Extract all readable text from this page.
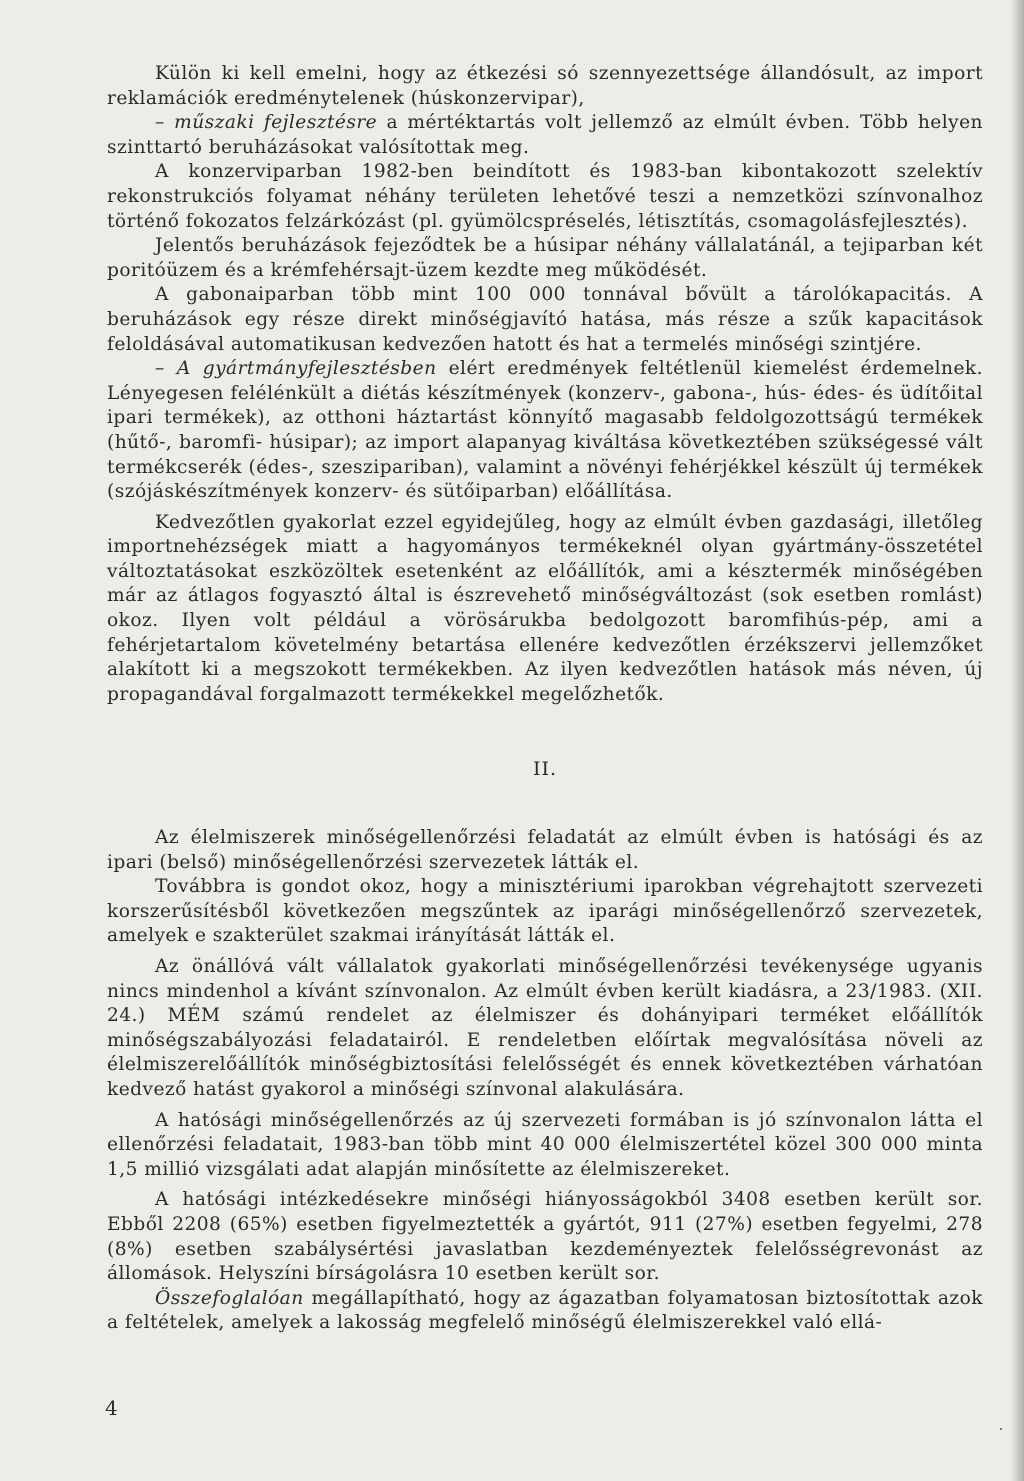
Külön ki kell emelni, hogy az étkezési só szennyezettsége állandósult, az import reklamációk eredménytelenek (húskonzervipar),

– műszaki fejlesztésre a mértéktartás volt jellemző az elmúlt évben. Több helyen szinttartó beruházásokat valósítottak meg.

A konzerviparban 1982-ben beindított és 1983-ban kibontakozott szelektív rekonstrukciós folyamat néhány területen lehetővé teszi a nemzetközi színvonalhoz történő fokozatos felzárkózást (pl. gyümölcspréselés, létisztítás, csomagolásfejlesztés).

Jelentős beruházások fejeződtek be a húsipar néhány vállalatánál, a tejiparban két poritóüzem és a krémfehérsajt-üzem kezdte meg működését.

A gabonaiparban több mint 100 000 tonnával bővült a tárolókapacitás. A beruházások egy része direkt minőségjavító hatása, más része a szűk kapacitások feloldásával automatikusan kedvezően hatott és hat a termelés minőségi szintjére.

– A gyártmányfejlesztésben elért eredmények feltétlenül kiemelést érdemelnek. Lényegesen felélénkült a diétás készítmények (konzerv-, gabona-, hús- édes- és üdítőital ipari termékek), az otthoni háztartást könnyítő magasabb feldolgozottságú termékek (hűtő-, baromfi- húsipar); az import alapanyag kiváltása következtében szükségessé vált termékcserék (édes-, szeszipariban), valamint a növényi fehérjékkel készült új termékek (szójáskészítmények konzerv- és sütőiparban) előállítása.

Kedvezőtlen gyakorlat ezzel egyidejűleg, hogy az elmúlt évben gazdasági, illetőleg importnehézségek miatt a hagyományos termékeknél olyan gyártmány-összetétel változtatásokat eszközöltek esetenként az előállítók, ami a késztermék minőségében már az átlagos fogyasztó által is észrevehető minőségváltozást (sok esetben romlást) okoz. Ilyen volt például a vörösárukba bedolgozott baromfihús-pép, ami a fehérjetartalom követelmény betartása ellenére kedvezőtlen érzékszervi jellemzőket alakított ki a megszokott termékekben. Az ilyen kedvezőtlen hatások más néven, új propagandával forgalmazott termékekkel megelőzhetők.

II.

Az élelmiszerek minőségellenőrzési feladatát az elmúlt évben is hatósági és az ipari (belső) minőségellenőrzési szervezetek látták el.

Továbbra is gondot okoz, hogy a minisztériumi iparokban végrehajtott szervezeti korszerűsítésből következően megszűntek az iparági minőségellenőrző szervezetek, amelyek e szakterület szakmai irányítását látták el.

Az önállóvá vált vállalatok gyakorlati minőségellenőrzési tevékenysége ugyanis nincs mindenhol a kívánt színvonalon. Az elmúlt évben került kiadásra, a 23/1983. (XII. 24.) MÉM számú rendelet az élelmiszer és dohányipari terméket előállítók minőségszabályozási feladatairól. E rendeletben előírtak megvalósítása növeli az élelmiszerelőállítók minőségbiztosítási felelősségét és ennek következtében várhatóan kedvező hatást gyakorol a minőségi színvonal alakulására.

A hatósági minőségellenőrzés az új szervezeti formában is jó színvonalon látta el ellenőrzési feladatait, 1983-ban több mint 40 000 élelmiszertétel közel 300 000 minta 1,5 millió vizsgálati adat alapján minősítette az élelmiszereket.

A hatósági intézkedésekre minőségi hiányosságokból 3408 esetben került sor. Ebből 2208 (65%) esetben figyelmeztették a gyártót, 911 (27%) esetben fegyelmi, 278 (8%) esetben szabálysértési javaslatban kezdeményeztek felelősségrevonást az állomások. Helyszíni bírságolásra 10 esetben került sor.

Összefoglalóan megállapítható, hogy az ágazatban folyamatosan biztosítottak azok a feltételek, amelyek a lakosság megfelelő minőségű élelmiszerekkel való ellá-

4
